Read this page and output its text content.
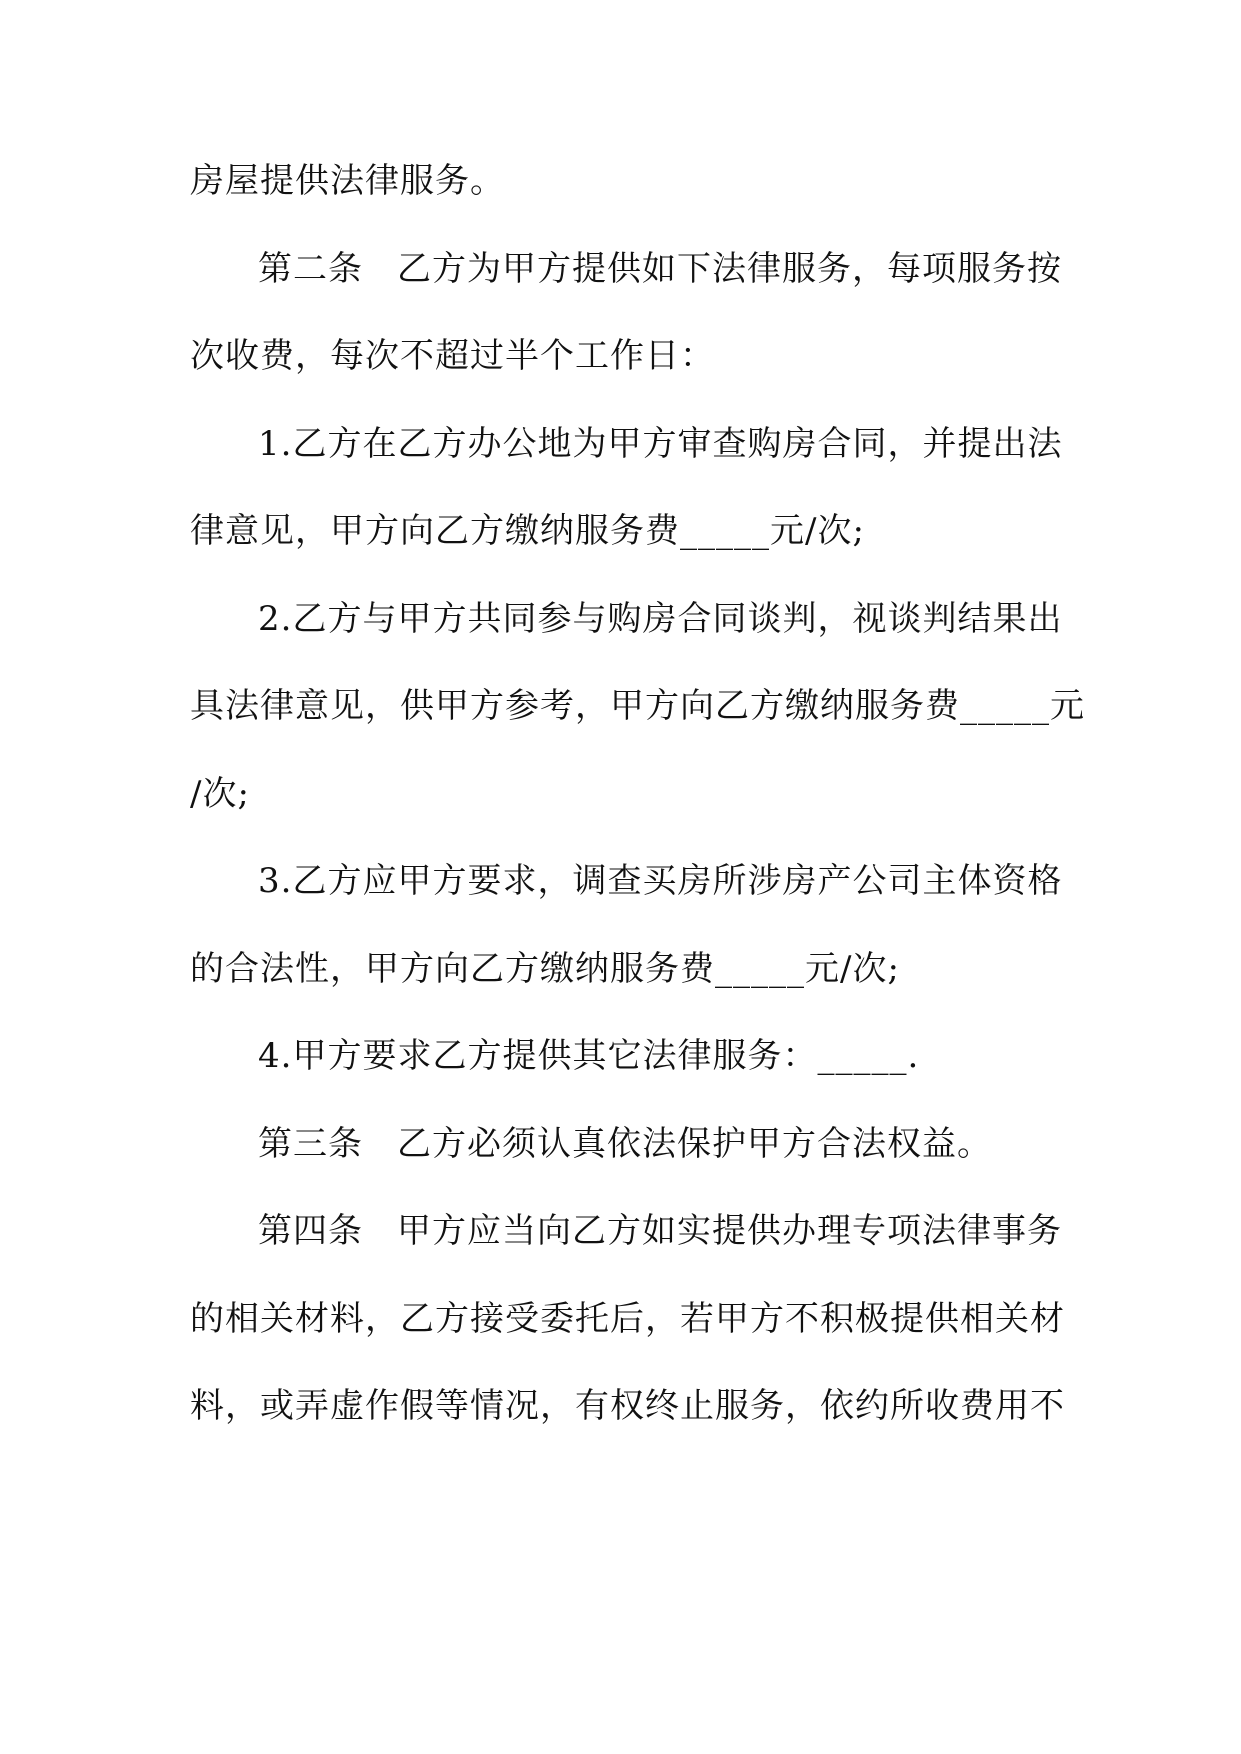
房屋提供法律服务。

第二条 乙方为甲方提供如下法律服务，每项服务按

次收费，每次不超过半个工作日：

1.乙方在乙方办公地为甲方审查购房合同，并提出法

律意见，甲方向乙方缴纳服务费_____元/次;

2.乙方与甲方共同参与购房合同谈判，视谈判结果出

具法律意见，供甲方参考，甲方向乙方缴纳服务费_____元

/次;

3.乙方应甲方要求，调查买房所涉房产公司主体资格

的合法性，甲方向乙方缴纳服务费_____元/次;

4.甲方要求乙方提供其它法律服务：_____.

第三条 乙方必须认真依法保护甲方合法权益。

第四条 甲方应当向乙方如实提供办理专项法律事务

的相关材料，乙方接受委托后，若甲方不积极提供相关材

料，或弄虚作假等情况，有权终止服务，依约所收费用不
